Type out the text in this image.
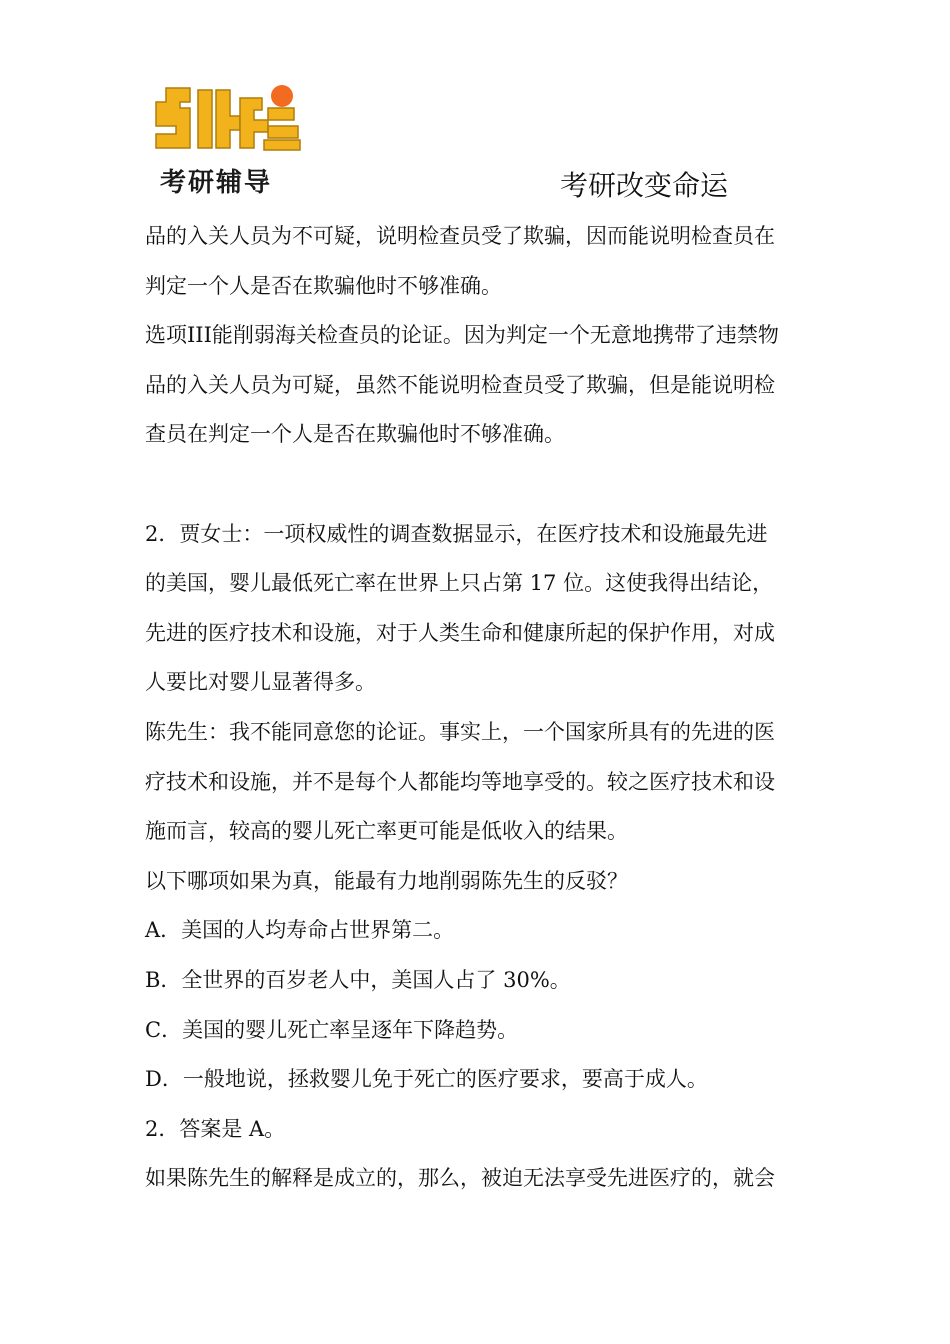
考研辅导	考研改变命运
品的入关人员为不可疑，说明检查员受了欺骗，因而能说明检查员在
判定一个人是否在欺骗他时不够准确。
选项III能削弱海关检查员的论证。因为判定一个无意地携带了违禁物
品的入关人员为可疑，虽然不能说明检查员受了欺骗，但是能说明检
查员在判定一个人是否在欺骗他时不够准确。
2．贾女士：一项权威性的调查数据显示，在医疗技术和设施最先进
的美国，婴儿最低死亡率在世界上只占第 17 位。这使我得出结论，
先进的医疗技术和设施，对于人类生命和健康所起的保护作用，对成
人要比对婴儿显著得多。
陈先生：我不能同意您的论证。事实上，一个国家所具有的先进的医
疗技术和设施，并不是每个人都能均等地享受的。较之医疗技术和设
施而言，较高的婴儿死亡率更可能是低收入的结果。
以下哪项如果为真，能最有力地削弱陈先生的反驳？
A．美国的人均寿命占世界第二。
B．全世界的百岁老人中，美国人占了 30%。
C．美国的婴儿死亡率呈逐年下降趋势。
D．一般地说，拯救婴儿免于死亡的医疗要求，要高于成人。
2．答案是 A。
如果陈先生的解释是成立的，那么，被迫无法享受先进医疗的，就会
